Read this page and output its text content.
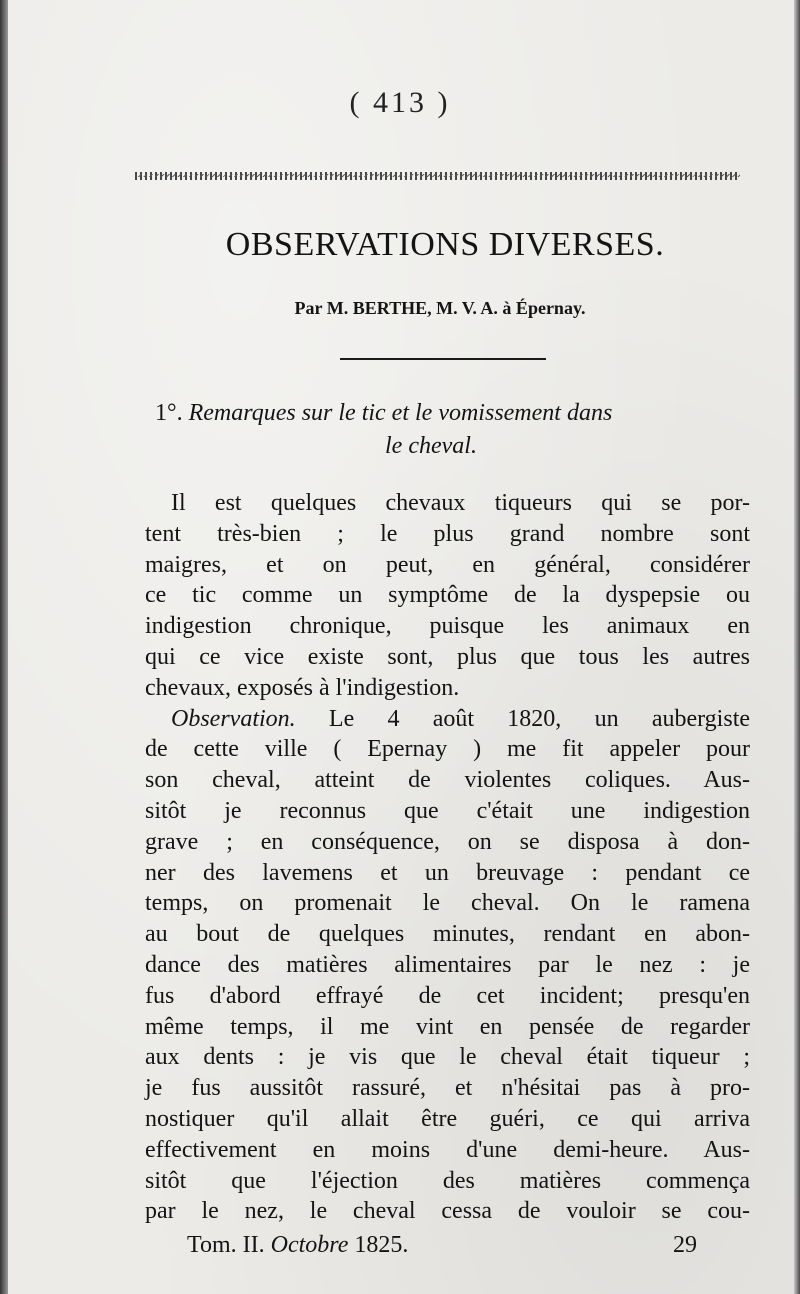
( 413 )
OBSERVATIONS DIVERSES.
Par M. BERTHE, M. V. A. à Épernay.
1°. Remarques sur le tic et le vomissement dans
le cheval.
Il est quelques chevaux tiqueurs qui se por-
tent très-bien ; le plus grand nombre sont
maigres, et on peut, en général, considérer
ce tic comme un symptôme de la dyspepsie ou
indigestion chronique, puisque les animaux en
qui ce vice existe sont, plus que tous les autres
chevaux, exposés à l'indigestion.
Observation. Le 4 août 1820, un aubergiste
de cette ville ( Epernay ) me fit appeler pour
son cheval, atteint de violentes coliques. Aus-
sitôt je reconnus que c'était une indigestion
grave ; en conséquence, on se disposa à don-
ner des lavemens et un breuvage : pendant ce
temps, on promenait le cheval. On le ramena
au bout de quelques minutes, rendant en abon-
dance des matières alimentaires par le nez : je
fus d'abord effrayé de cet incident; presqu'en
même temps, il me vint en pensée de regarder
aux dents : je vis que le cheval était tiqueur ;
je fus aussitôt rassuré, et n'hésitai pas à pro-
nostiquer qu'il allait être guéri, ce qui arriva
effectivement en moins d'une demi-heure. Aus-
sitôt que l'éjection des matières commença
par le nez, le cheval cessa de vouloir se cou-
Tom. II. Octobre 1825.	29
